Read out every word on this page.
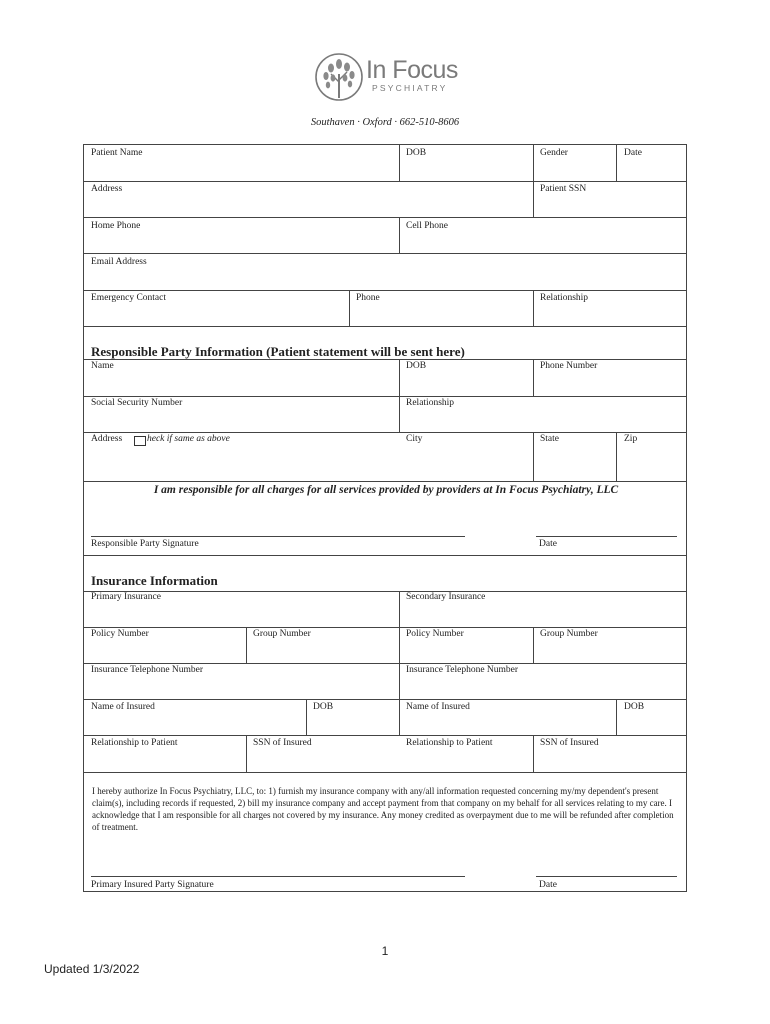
In Focus
PSYCHIATRY
Southaven · Oxford · 662-510-8606
Patient Name	DOB	Gender	Date
Address	Patient SSN
Home Phone	Cell Phone
Email Address
Emergency Contact	Phone	Relationship
Responsible Party Information (Patient statement will be sent here)
Name	DOB	Phone Number
Social Security Number	Relationship
Address	heck if same as above	City	State	Zip
I am responsible for all charges for all services provided by providers at In Focus Psychiatry, LLC
Responsible Party Signature	Date
Insurance Information
Primary Insurance	Secondary Insurance
Policy Number	Group Number	Policy Number	Group Number
Insurance Telephone Number	Insurance Telephone Number
Name of Insured	DOB	Name of Insured	DOB
Relationship to Patient	SSN of Insured	Relationship to Patient	SSN of Insured
I hereby authorize In Focus Psychiatry, LLC, to: 1) furnish my insurance company with any/all information requested concerning my/my dependent's present claim(s), including records if requested, 2) bill my insurance company and accept payment from that company on my behalf for all services relating to my care. I acknowledge that I am responsible for all charges not covered by my insurance. Any money credited as overpayment due to me will be refunded after completion of treatment.
Primary Insured Party Signature	Date
1
Updated 1/3/2022
